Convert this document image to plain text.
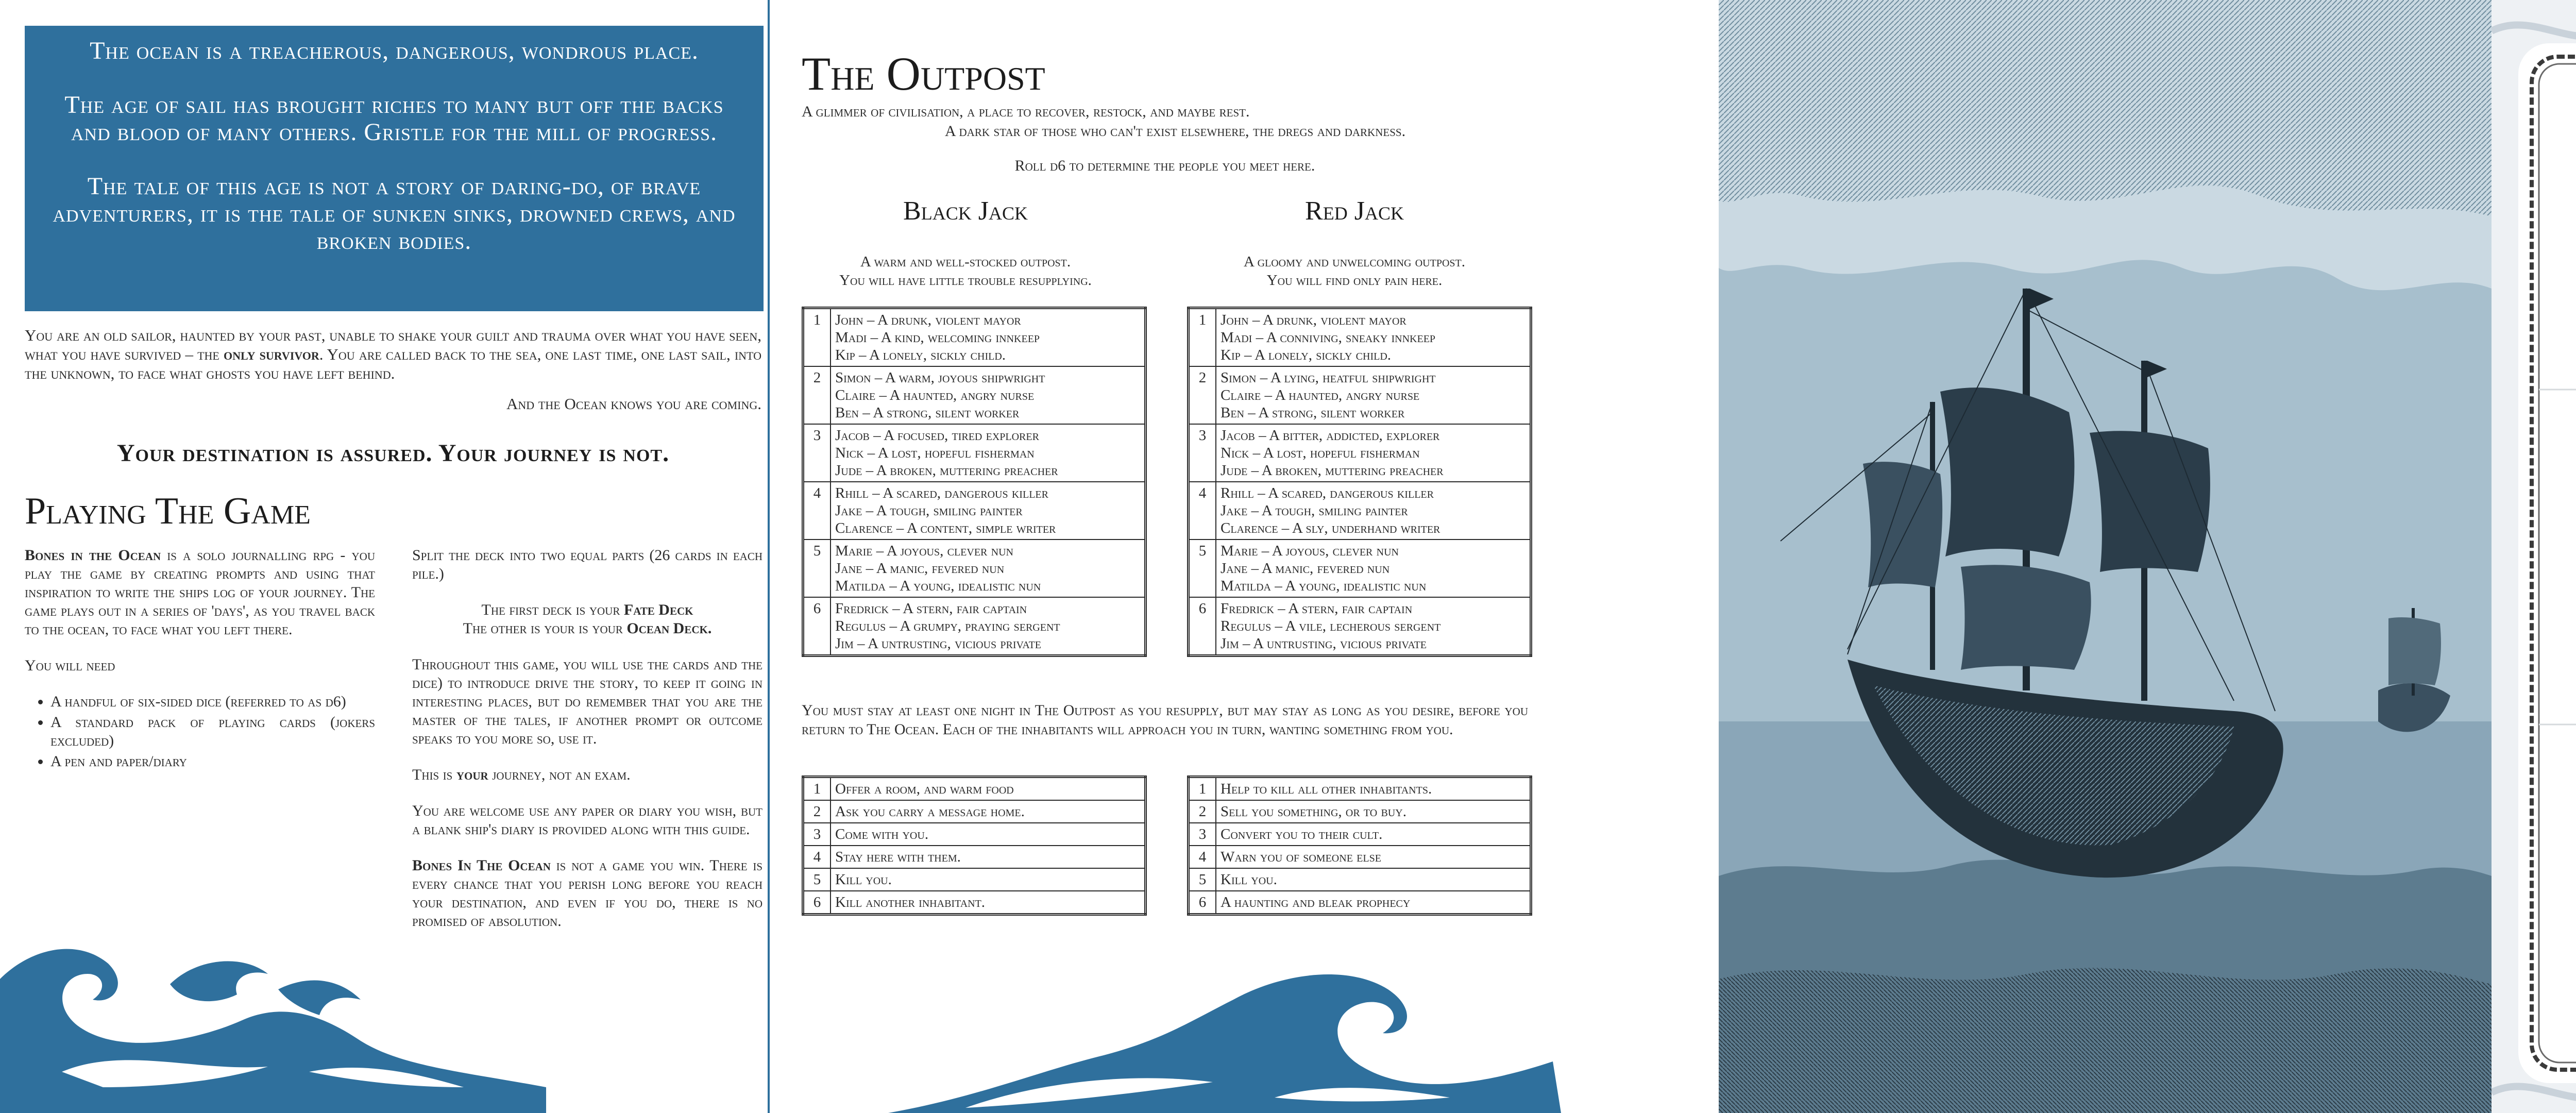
The ocean is a treacherous, dangerous, wondrous place.

The age of sail has brought riches to many but off the backs and blood of many others. Gristle for the mill of progress.

The tale of this age is not a story of daring-do, of brave adventurers, it is the tale of sunken sinks, drowned crews, and broken bodies.

You are an old sailor, haunted by your past, unable to shake your guilt and trauma over what you have seen, what you have survived – the only survivor. You are called back to the sea, one last time, one last sail, into the unknown, to face what ghosts you have left behind.
And the Ocean knows you are coming.
Your destination is assured. Your journey is not.
Playing The Game

Bones in the Ocean is a solo journalling rpg - you play the game by creating prompts and using that inspiration to write the ships log of your journey. The game plays out in a series of 'days', as you travel back to the ocean, to face what you left there.

You will need

• A handful of six-sided dice (referred to as d6)
• A standard pack of playing cards (jokers excluded)
• A pen and paper/diary

Split the deck into two equal parts (26 cards in each pile.)

The first deck is your Fate Deck
The other is your is your Ocean Deck.

Throughout this game, you will use the cards and the dice) to introduce drive the story, to keep it going in interesting places, but do remember that you are the master of the tales, if another prompt or outcome speaks to you more so, use it.

This is your journey, not an exam.

You are welcome use any paper or diary you wish, but a blank ship's diary is provided along with this guide.

Bones In The Ocean is not a game you win. There is every chance that you perish long before you reach your destination, and even if you do, there is no promised of absolution.

The Outpost
A glimmer of civilisation, a place to recover, restock, and maybe rest.
A dark star of those who can't exist elsewhere, the dregs and darkness.
Roll d6 to determine the people you meet here.
Black Jack	Red Jack
A warm and well-stocked outpost.
You will have little trouble resupplying.
A gloomy and unwelcoming outpost.
You will find only pain here.
1	John – A drunk, violent mayor
Madi – A kind, welcoming innkeep
Kip – A lonely, sickly child.

2	Simon – A warm, joyous shipwright
Claire – A haunted, angry nurse
Ben – A strong, silent worker

3	Jacob – A focused, tired explorer
Nick – A lost, hopeful fisherman
Jude – A broken, muttering preacher

4	Rhill – A scared, dangerous killer
Jake – A tough, smiling painter
Clarence – A content, simple writer

5	Marie – A joyous, clever nun
Jane – A manic, fevered nun
Matilda – A young, idealistic nun

6	Fredrick – A stern, fair captain
Regulus – A grumpy, praying sergent
Jim – A untrusting, vicious private
1	John – A drunk, violent mayor
Madi – A conniving, sneaky innkeep
Kip – A lonely, sickly child.

2	Simon – A lying, heatful shipwright
Claire – A haunted, angry nurse
Ben – A strong, silent worker

3	Jacob – A bitter, addicted, explorer
Nick – A lost, hopeful fisherman
Jude – A broken, muttering preacher

4	Rhill – A scared, dangerous killer
Jake – A tough, smiling painter
Clarence – A sly, underhand writer

5	Marie – A joyous, clever nun
Jane – A manic, fevered nun
Matilda – A young, idealistic nun

6	Fredrick – A stern, fair captain
Regulus – A vile, lecherous sergent
Jim – A untrusting, vicious private
You must stay at least one night in The Outpost as you resupply, but may stay as long as you desire, before you return to The Ocean. Each of the inhabitants will approach you in turn, wanting something from you.
1	Offer a room, and warm food
2	Ask you carry a message home.
3	Come with you.
4	Stay here with them.
5	Kill you.
6	Kill another inhabitant.
1	Help to kill all other inhabitants.
2	Sell you something, or to buy.
3	Convert you to their cult.
4	Warn you of someone else
5	Kill you.
6	A haunting and bleak prophecy
